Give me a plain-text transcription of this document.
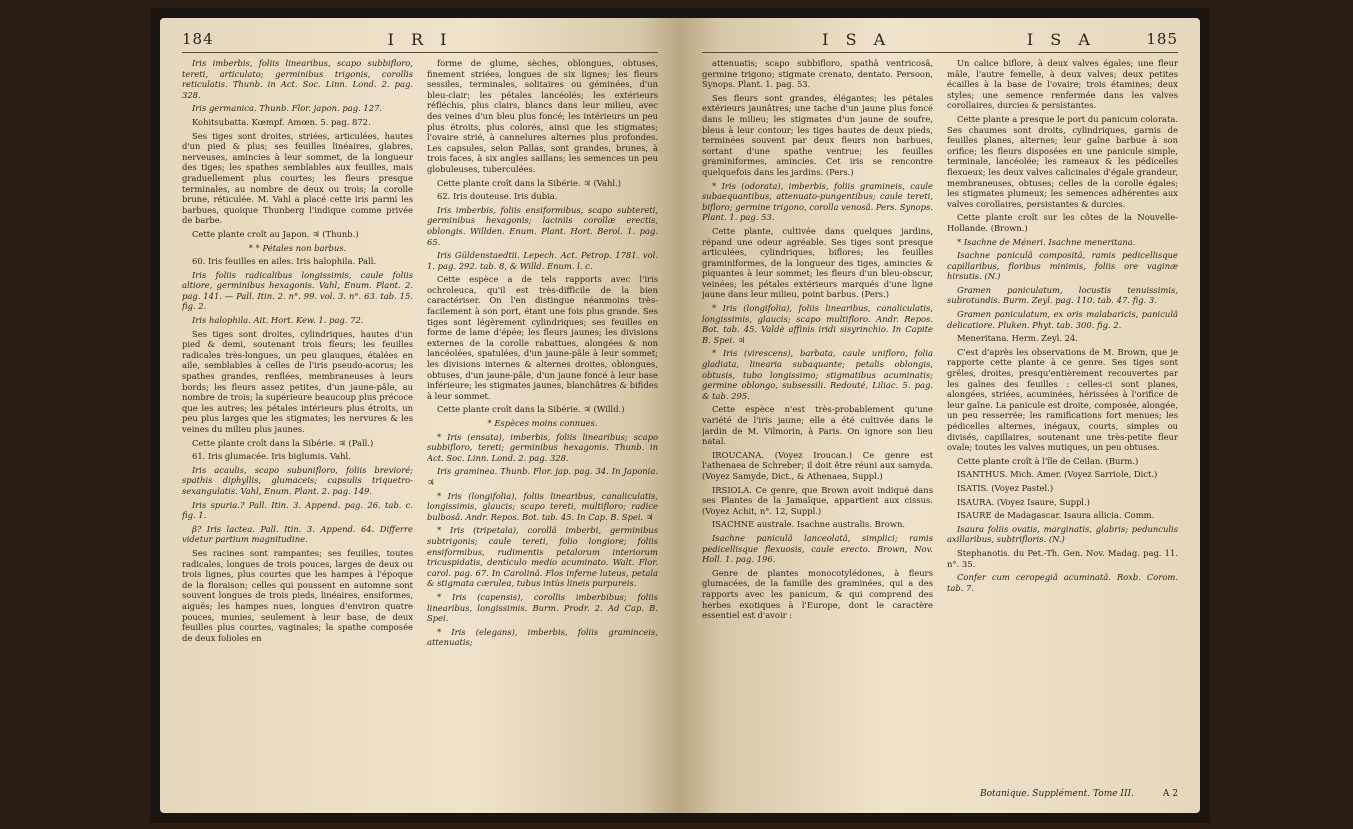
184	I R I

Iris imberbis, foliis linearibus, scapo subbifloro, tereti, articulato; germinibus trigonis, corollis reticulatis. Thunb. in Act. Soc. Linn. Lond. 2. pag. 328.

Iris germanica. Thunb. Flor. japon. pag. 127.

Kohitsubatta. Kœmpf. Amœn. 5. pag. 872.

Ses tiges sont droites, striées, articulées, hautes d'un pied & plus; ses feuilles linéaires, glabres, nerveuses, amincies à leur sommet, de la longueur des tiges; les spathes semblables aux feuilles, mais graduellement plus courtes; les fleurs presque terminales, au nombre de deux ou trois; la corolle brune, réticulée. M. Vahl a placé cette iris parmi les barbues, quoique Thunberg l'indique comme privée de barbe.

Cette plante croît au Japon. ♃ (Thunb.)

* * Pétales non barbus.

60. Iris feuilles en ailes. Iris halophila. Pall.

Iris foliis radicalibus longissimis, caule foliis altiore, germinibus hexagonis. Vahl, Enum. Plant. 2. pag. 141. — Pall. Itin. 2. n°. 99. vol. 3. n°. 63. tab. 15. fig. 2.

Iris halophila. Ait. Hort. Kew. 1. pag. 72.

Ses tiges sont droites, cylindriques, hautes d'un pied & demi, soutenant trois fleurs; les feuilles radicales très-longues, un peu glauques, étalées en aile, semblables à celles de l'iris pseudo-acorus; les spathes grandes, renflées, membraneuses à leurs bords; les fleurs assez petites, d'un jaune-pâle, au nombre de trois; la supérieure beaucoup plus précoce que les autres; les pétales intérieurs plus étroits, un peu plus larges que les stigmates; les nervures & les veines du milieu plus jaunes.

Cette plante croît dans la Sibérie. ♃ (Pall.)

61. Iris glumacée. Iris biglumis. Vahl.

Iris acaulis, scapo subunifloro, foliis brevioré; spathis diphyllis, glumaceis; capsulis triquetro-sexangulatis. Vahl, Enum. Plant. 2. pag. 149.

Iris spuria.? Pall. Itin. 3. Append. pag. 26. tab. c. fig. 1.

β? Iris lactea. Pall. Itin. 3. Append. 64. Differre videtur partium magnitudine.

Ses racines sont rampantes; ses feuilles, toutes radicales, longues de trois pouces, larges de deux ou trois lignes, plus courtes que les hampes à l'époque de la floraison; celles qui poussent en automne sont souvent longues de trois pieds, linéaires, ensiformes, aiguës; les hampes nues, longues d'environ quatre pouces, munies, seulement à leur base, de deux feuilles plus courtes, vaginales; la spathe composée de deux folioles en

forme de glume, sèches, oblongues, obtuses, finement striées, longues de six lignes; les fleurs sessiles, terminales, solitaires ou géminées, d'un bleu-clair; les pétales lancéolés; les extérieurs réfléchis, plus clairs, blancs dans leur milieu, avec des veines d'un bleu plus foncé; les intérieurs un peu plus étroits, plus colorés, ainsi que les stigmates; l'ovaire strié, à cannelures alternes plus profondes. Les capsules, selon Pallas, sont grandes, brunes, à trois faces, à six angles saillans; les semences un peu globuleuses, tuberculées.

Cette plante croît dans la Sibérie. ♃ (Vahl.)

62. Iris douteuse. Iris dubia.

Iris imberbis, foliis ensiformibus, scapo subtereti, germinibus hexagonis; laciniis corollæ erectis, oblongis. Willden. Enum. Plant. Hort. Berol. 1. pag. 65.

Iris Güldenstaedtii. Lepech. Act. Petrop. 1781. vol. 1. pag. 292. tab. 8, & Willd. Enum. l. c.

Cette espèce a de tels rapports avec l'iris ochroleuca, qu'il est très-difficile de la bien caractériser. On l'en distingue néanmoins très-facilement à son port, étant une fois plus grande. Ses tiges sont légèrement cylindriques; ses feuilles en forme de lame d'épée; les fleurs jaunes; les divisions externes de la corolle rabattues, alongées & non lancéolées, spatulées, d'un jaune-pâle à leur sommet; les divisions internes & alternes droites, oblongues, obtuses, d'un jaune-pâle, d'un jaune foncé à leur base inférieure; les stigmates jaunes, blanchâtres & bifides à leur sommet.

Cette plante croît dans la Sibérie. ♃ (Willd.)

* Espèces moins connues.

* Iris (ensata), imberbis, foliis linearibus; scapo subbifloro, tereti; germinibus hexagonis. Thunb. in Act. Soc. Linn. Lond. 2. pag. 328.

Iris graminea. Thunb. Flor. jap. pag. 34. In Japonia. ♃

* Iris (longifolia), foliis linearibus, canaliculatis, longissimis, glaucis; scapo tereti, multifloro; radice bulbosâ. Andr. Repos. Bot. tab. 45. In Cap. B. Spei. ♃

* Iris (tripetala), corollâ imberbi, germinibus subtrigonis; caule tereti, folio longiore; foliis ensiformibus, rudimentis petalorum interiorum tricuspidatis, denticulo medio acuminato. Walt. Flor. carol. pag. 67. In Carolinâ. Flos inferne luteus, petala & stigmata cærulea, tubus intùs lineis purpureis.

* Iris (capensis), corollis imberbibus; foliis linearibus, longissimis. Burm. Prodr. 2. Ad Cap. B. Spei.

* Iris (elegans), imberbis, foliis graminceis, attenuatis;

I S A	I S A	185

attenuatis; scapo subbifloro, spathâ ventricosâ, germine trigono; stigmate crenato, dentato. Persoon, Synops. Plant. 1. pag. 53.

Ses fleurs sont grandes, élégantes; les pétales extérieurs jaunâtres; une tache d'un jaune plus foncé dans le milieu; les stigmates d'un jaune de soufre, bleus à leur contour; les tiges hautes de deux pieds, terminées souvent par deux fleurs non barbues, sortant d'une spathe ventrue; les feuilles graminiformes, amincies. Cet iris se rencontre quelquefois dans les jardins. (Pers.)

* Iris (odorata), imberbis, foliis gramineis, caule subaequantibus, attenuato-pungentibus; caule tereti, bifloro; germine trigono, corolla venosâ. Pers. Synops. Plant. 1. pag. 53.

Cette plante, cultivée dans quelques jardins, répand une odeur agréable. Ses tiges sont presque articulées, cylindriques, biflores; les feuilles graminiformes, de la longueur des tiges, amincies & piquantes à leur sommet; les fleurs d'un bleu-obscur, veinées; les pétales extérieurs marqués d'une ligne jaune dans leur milieu, point barbus. (Pers.)

* Iris (longifolia), foliis linearibus, canaliculatis, longissimis, glaucis; scapo multifloro. Andr. Repos. Bot. tab. 45. Valdè affinis iridi sisyrinchio. In Capite B. Spei. ♃

* Iris (virescens), barbata, caule unifloro, folia gladiata, linearia subaquante; petalis oblongis, obtusis, tubo longissimo; stigmatibus acuminatis; germine oblongo, subsessili. Redouté, Liliac. 5. pag. & tab. 295.

Cette espèce n'est très-probablement qu'une variété de l'iris jaune; elle a été cultivée dans le jardin de M. Vilmorin, à Paris. On ignore son lieu natal.

IROUCANA. (Voyez Iroucan.) Ce genre est l'athenaea de Schreber; il doit être réuni aux samyda. (Voyez Samyde, Dict., & Athenaea, Suppl.)

IRSIOLA. Ce genre, que Brown avoit indiqué dans ses Plantes de la Jamaïque, appartient aux cissus. (Voyez Achit, n°. 12, Suppl.)

ISACHNE australe. Isachne australis. Brown.

Isachne paniculâ lanceolatâ, simplici; ramis pedicellisque flexuosis, caule erecto. Brown, Nov. Holl. 1. pag. 196.

Genre de plantes monocotylédones, à fleurs glumacées, de la famille des graminées, qui a des rapports avec les panicum, & qui comprend des herbes exotiques à l'Europe, dont le caractère essentiel est d'avoir :

Un calice biflore, à deux valves égales; une fleur mâle, l'autre femelle, à deux valves; deux petites écailles à la base de l'ovaire; trois étamines; deux styles; une semence renfermée dans les valves corollaires, durcies & persistantes.

Cette plante a presque le port du panicum colorata. Ses chaumes sont droits, cylindriques, garnis de feuilles planes, alternes; leur gaîne barbue à son orifice; les fleurs disposées en une panicule simple, terminale, lancéolée; les rameaux & les pédicelles flexueux; les deux valves calicinales d'égale grandeur, membraneuses, obtuses; celles de la corolle égales; les stigmates plumeux; les semences adhérentes aux valves corollaires, persistantes & durcies.

Cette plante croît sur les côtes de la Nouvelle-Hollande. (Brown.)

* Isachne de Méneri. Isachne meneritana.

Isachne paniculâ compositâ, ramis pedicellisque capillaribus, floribus minimis, foliis ore vaginæ hirsutis. (N.)

Gramen paniculatum, locustis tenuissimis, subrotundis. Burm. Zeyl. pag. 110. tab. 47. fig. 3.

Gramen paniculatum, ex oris malabaricis, paniculâ delicatiore. Pluken. Phyt. tab. 300. fig. 2.

Meneritana. Herm. Zeyl. 24.

C'est d'après les observations de M. Brown, que je rapporte cette plante à ce genre. Ses tiges sont grêles, droites, presqu'entièrement recouvertes par les gaînes des feuilles : celles-ci sont planes, alongées, striées, acuminées, hérissées à l'orifice de leur gaîne. La panicule est droite, composée, alongée, un peu resserrée; les ramifications fort menues; les pédicelles alternes, inégaux, courts, simples ou divisés, capillaires, soutenant une très-petite fleur ovale; toutes les valves mutiques, un peu obtuses.

Cette plante croît à l'île de Ceilan. (Burm.)

ISANTHUS. Mich. Amer. (Voyez Sarriole, Dict.)

ISATIS. (Voyez Pastel.)

ISAURA. (Voyez Isaure, Suppl.)

ISAURE de Madagascar. Isaura allicia. Comm.

Isaura foliis ovatis, marginatis, glabris; pedunculis axillaribus, subtrifloris. (N.)

Stephanotis. du Pet.-Th. Gen. Nov. Madag. pag. 11. n°. 35.

Confer cum ceropegiâ acuminatâ. Roxb. Corom. tab. 7.

Botanique. Supplément. Tome III.	A 2
